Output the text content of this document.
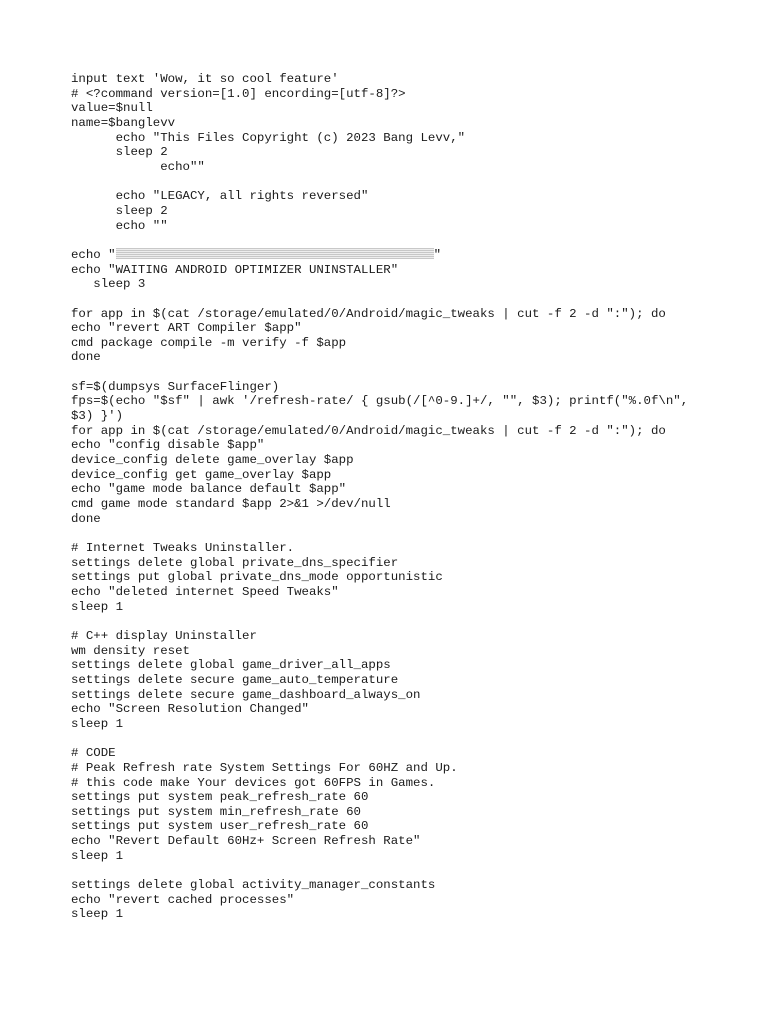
input text 'Wow, it so cool feature'
# <?command version=[1.0] encording=[utf-8]?>
value=$null
name=$banglevv
echo "This Files Copyright (c) 2023 Bang Levv,"
sleep 2
echo""
echo "LEGACY, all rights reversed"
sleep 2
echo ""
echo "	"
echo "WAITING ANDROID OPTIMIZER UNINSTALLER"
sleep 3
for app in $(cat /storage/emulated/0/Android/magic_tweaks | cut -f 2 -d ":"); do
echo "revert ART Compiler $app"
cmd package compile -m verify -f $app
done
sf=$(dumpsys SurfaceFlinger)
fps=$(echo "$sf" | awk '/refresh-rate/ { gsub(/[^0-9.]+/, "", $3); printf("%.0f\n",
$3) }')
for app in $(cat /storage/emulated/0/Android/magic_tweaks | cut -f 2 -d ":"); do
echo "config disable $app"
device_config delete game_overlay $app
device_config get game_overlay $app
echo "game mode balance default $app"
cmd game mode standard $app 2>&1 >/dev/null
done
# Internet Tweaks Uninstaller.
settings delete global private_dns_specifier
settings put global private_dns_mode opportunistic
echo "deleted internet Speed Tweaks"
sleep 1
# C++ display Uninstaller
wm density reset
settings delete global game_driver_all_apps
settings delete secure game_auto_temperature
settings delete secure game_dashboard_always_on
echo "Screen Resolution Changed"
sleep 1
# CODE
# Peak Refresh rate System Settings For 60HZ and Up.
# this code make Your devices got 60FPS in Games.
settings put system peak_refresh_rate 60
settings put system min_refresh_rate 60
settings put system user_refresh_rate 60
echo "Revert Default 60Hz+ Screen Refresh Rate"
sleep 1
settings delete global activity_manager_constants
echo "revert cached processes"
sleep 1
